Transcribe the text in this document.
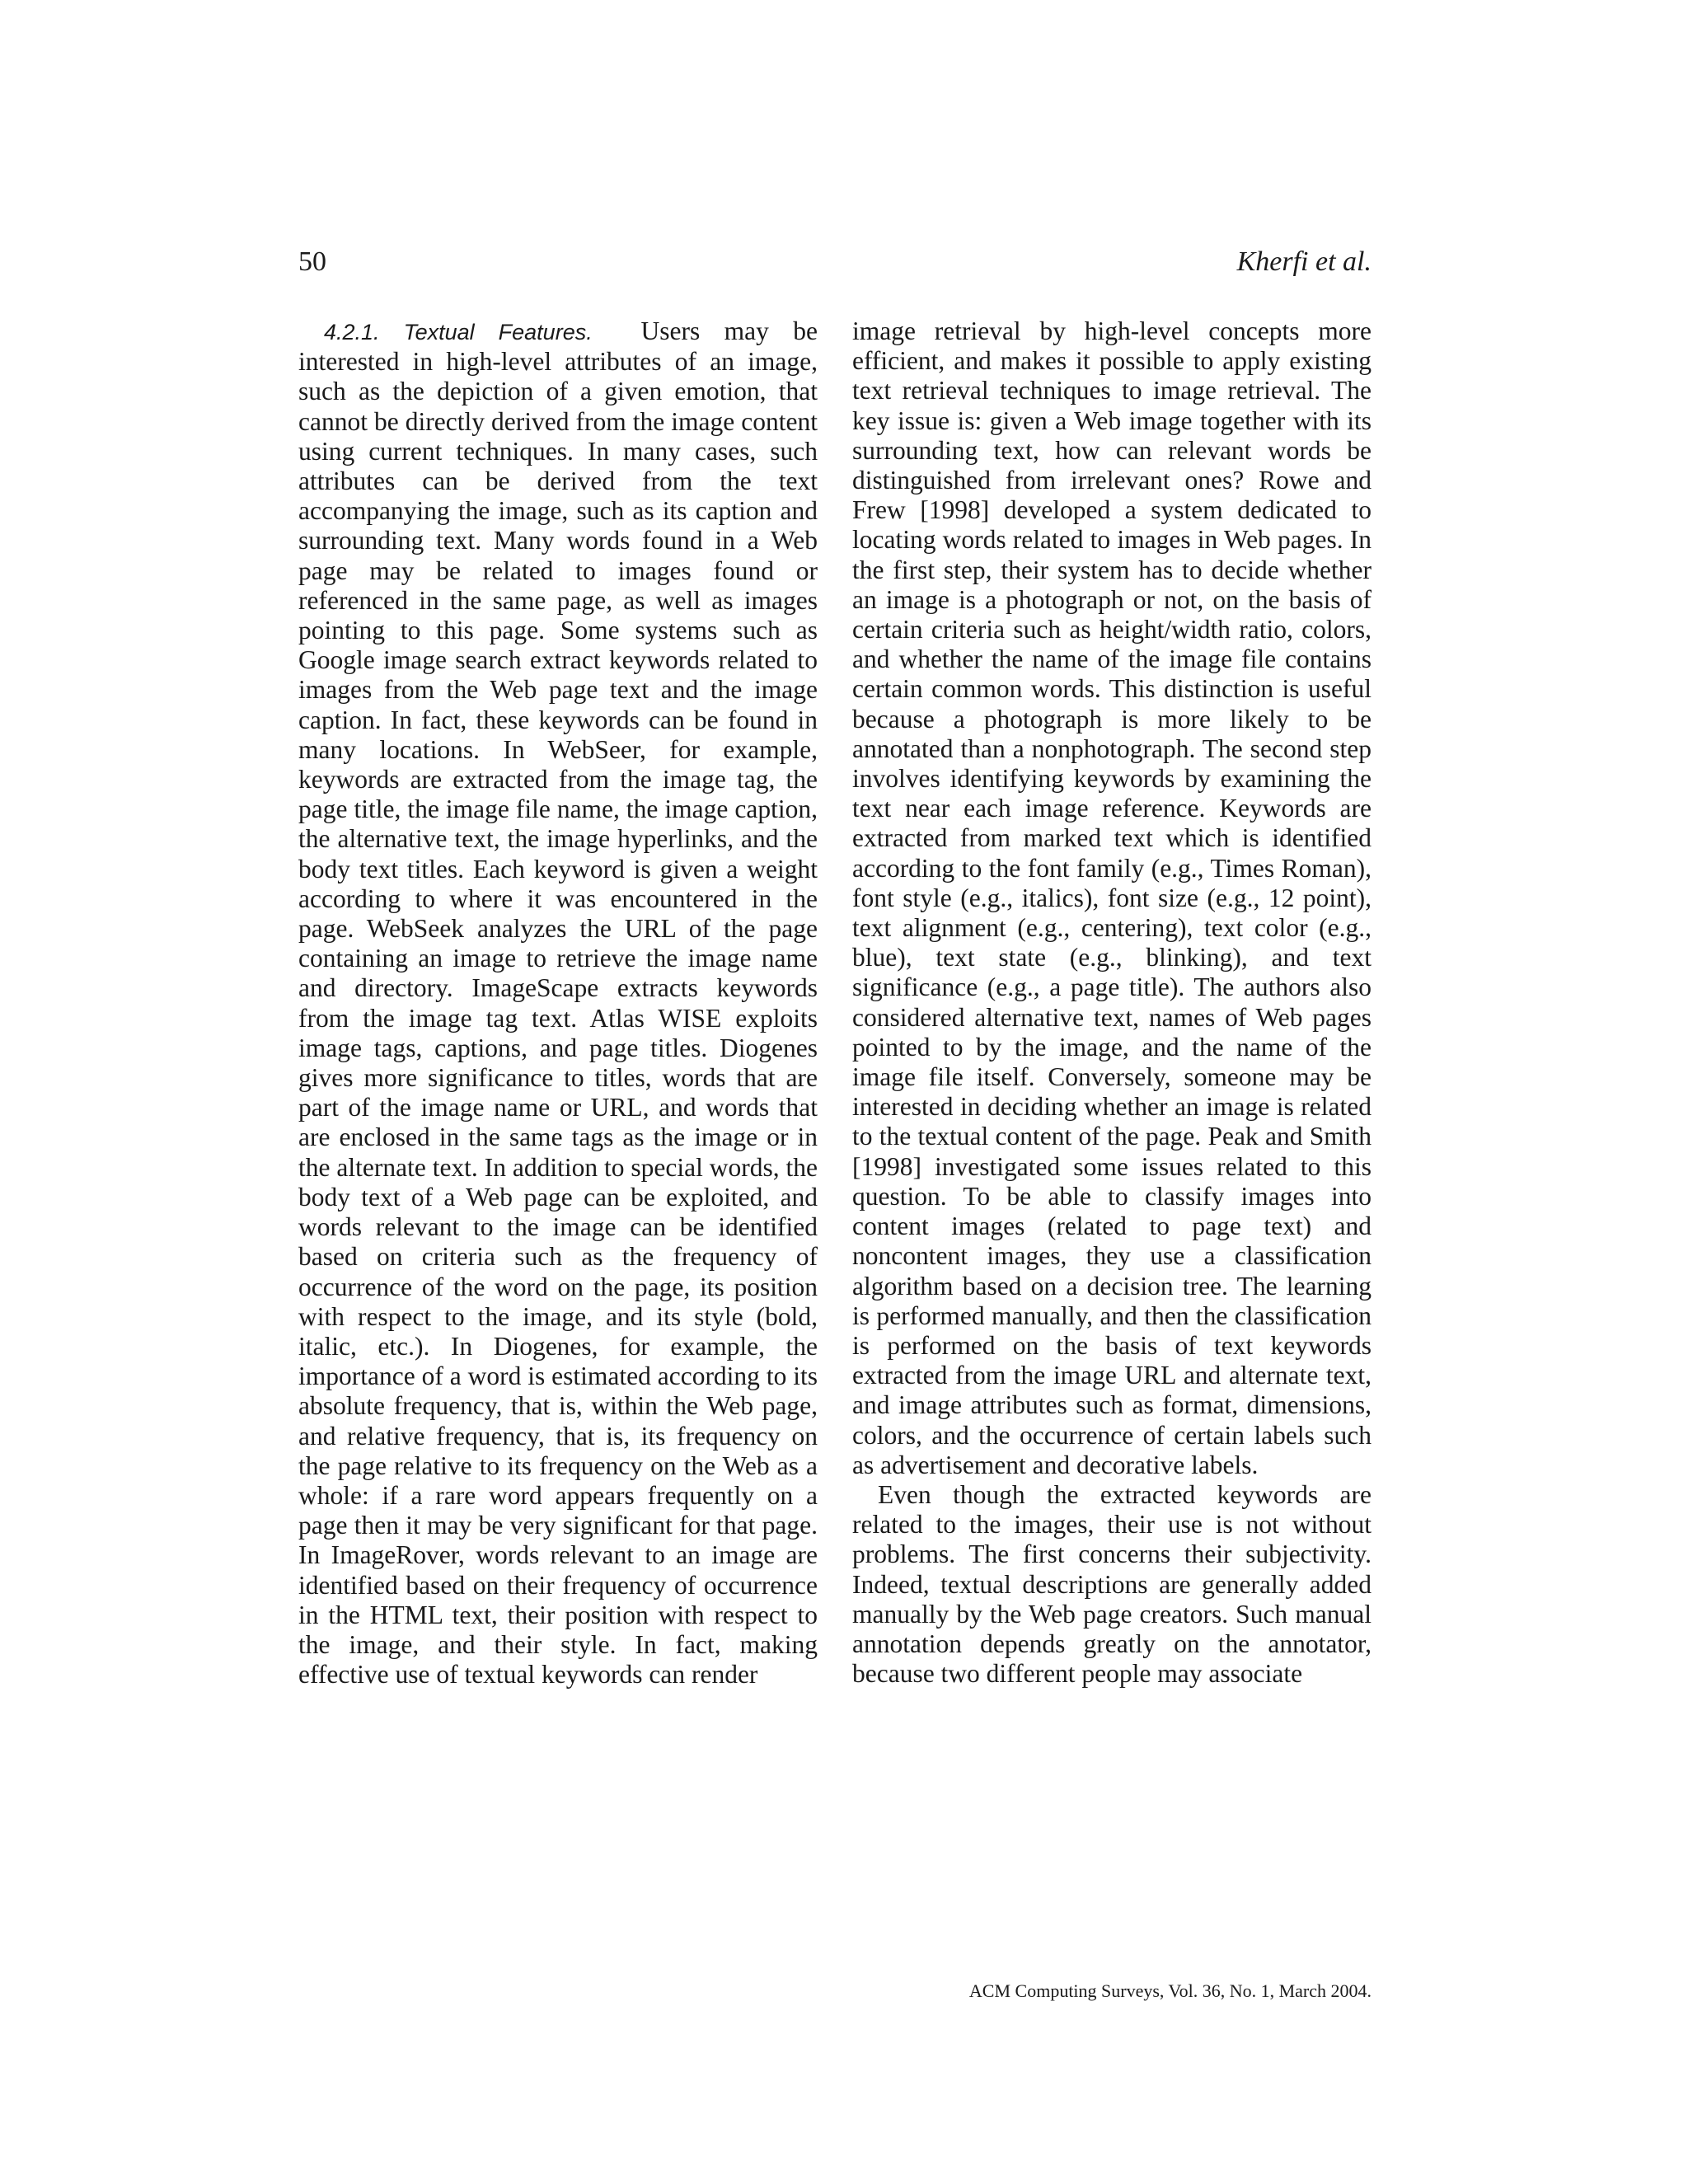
50	Kherfi et al.

4.2.1. Textual Features. Users may be interested in high-level attributes of an image, such as the depiction of a given emotion, that cannot be directly derived from the image content using current techniques. In many cases, such attributes can be derived from the text accompanying the image, such as its caption and surrounding text. Many words found in a Web page may be related to images found or referenced in the same page, as well as images pointing to this page. Some systems such as Google image search extract keywords related to images from the Web page text and the image caption. In fact, these keywords can be found in many locations. In WebSeer, for example, keywords are extracted from the image tag, the page title, the image file name, the image caption, the alternative text, the image hyperlinks, and the body text titles. Each keyword is given a weight according to where it was encountered in the page. WebSeek analyzes the URL of the page containing an image to retrieve the image name and directory. ImageScape extracts keywords from the image tag text. Atlas WISE exploits image tags, captions, and page titles. Diogenes gives more significance to titles, words that are part of the image name or URL, and words that are enclosed in the same tags as the image or in the alternate text. In addition to special words, the body text of a Web page can be exploited, and words relevant to the image can be identified based on criteria such as the frequency of occurrence of the word on the page, its position with respect to the image, and its style (bold, italic, etc.). In Diogenes, for example, the importance of a word is estimated according to its absolute frequency, that is, within the Web page, and relative frequency, that is, its frequency on the page relative to its frequency on the Web as a whole: if a rare word appears frequently on a page then it may be very significant for that page. In ImageRover, words relevant to an image are identified based on their frequency of occurrence in the HTML text, their position with respect to the image, and their style. In fact, making effective use of textual keywords can render

image retrieval by high-level concepts more efficient, and makes it possible to apply existing text retrieval techniques to image retrieval. The key issue is: given a Web image together with its surrounding text, how can relevant words be distinguished from irrelevant ones? Rowe and Frew [1998] developed a system dedicated to locating words related to images in Web pages. In the first step, their system has to decide whether an image is a photograph or not, on the basis of certain criteria such as height/width ratio, colors, and whether the name of the image file contains certain common words. This distinction is useful because a photograph is more likely to be annotated than a nonphotograph. The second step involves identifying keywords by examining the text near each image reference. Keywords are extracted from marked text which is identified according to the font family (e.g., Times Roman), font style (e.g., italics), font size (e.g., 12 point), text alignment (e.g., centering), text color (e.g., blue), text state (e.g., blinking), and text significance (e.g., a page title). The authors also considered alternative text, names of Web pages pointed to by the image, and the name of the image file itself. Conversely, someone may be interested in deciding whether an image is related to the textual content of the page. Peak and Smith [1998] investigated some issues related to this question. To be able to classify images into content images (related to page text) and noncontent images, they use a classification algorithm based on a decision tree. The learning is performed manually, and then the classification is performed on the basis of text keywords extracted from the image URL and alternate text, and image attributes such as format, dimensions, colors, and the occurrence of certain labels such as advertisement and decorative labels.

Even though the extracted keywords are related to the images, their use is not without problems. The first concerns their subjectivity. Indeed, textual descriptions are generally added manually by the Web page creators. Such manual annotation depends greatly on the annotator, because two different people may associate

ACM Computing Surveys, Vol. 36, No. 1, March 2004.
